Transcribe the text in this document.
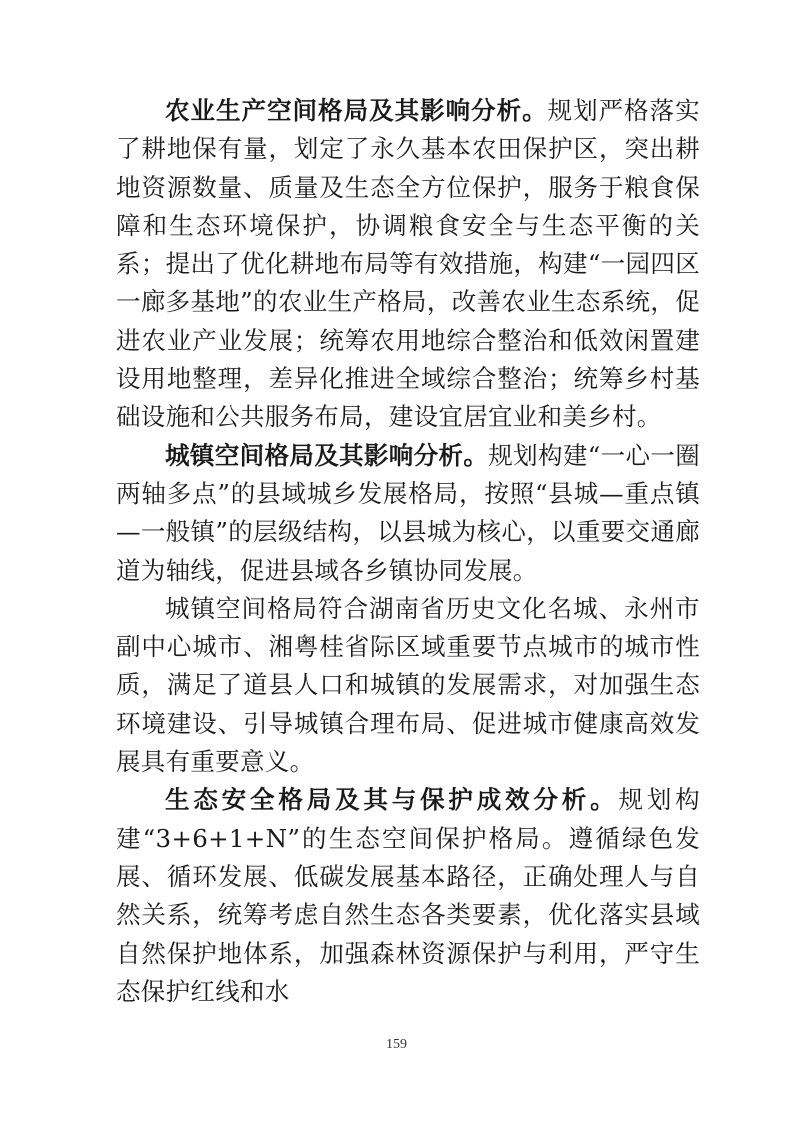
农业生产空间格局及其影响分析。规划严格落实了耕地保有量，划定了永久基本农田保护区，突出耕地资源数量、质量及生态全方位保护，服务于粮食保障和生态环境保护，协调粮食安全与生态平衡的关系；提出了优化耕地布局等有效措施，构建“一园四区一廊多基地”的农业生产格局，改善农业生态系统，促进农业产业发展；统筹农用地综合整治和低效闲置建设用地整理，差异化推进全域综合整治；统筹乡村基础设施和公共服务布局，建设宜居宜业和美乡村。

城镇空间格局及其影响分析。规划构建“一心一圈两轴多点”的县域城乡发展格局，按照“县城—重点镇—一般镇”的层级结构，以县城为核心，以重要交通廊道为轴线，促进县域各乡镇协同发展。

城镇空间格局符合湖南省历史文化名城、永州市副中心城市、湘粤桂省际区域重要节点城市的城市性质，满足了道县人口和城镇的发展需求，对加强生态环境建设、引导城镇合理布局、促进城市健康高效发展具有重要意义。

生态安全格局及其与保护成效分析。规划构建“3+6+1+N”的生态空间保护格局。遵循绿色发展、循环发展、低碳发展基本路径，正确处理人与自然关系，统筹考虑自然生态各类要素，优化落实县域自然保护地体系，加强森林资源保护与利用，严守生态保护红线和水

159
